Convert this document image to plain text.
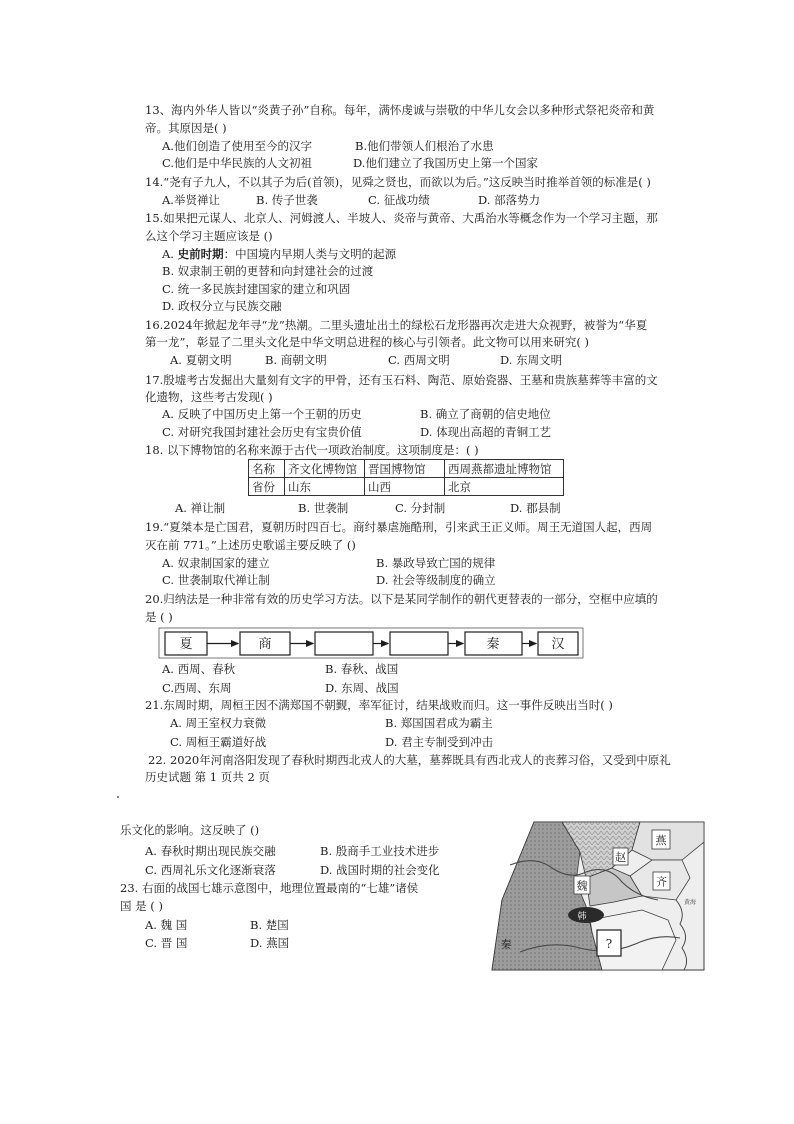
13、海内外华人皆以“炎黄子孙”自称。每年，满怀虔诚与崇敬的中华儿女会以多种形式祭祀炎帝和黄
帝。其原因是( )
A.他们创造了使用至今的汉字	B.他们带领人们根治了水患
C.他们是中华民族的人文初祖	D.他们建立了我国历史上第一个国家
14.“尧有子九人，不以其子为后(首领)，见舜之贤也，而欲以为后。”这反映当时推举首领的标准是( )
A.举贤禅让	B. 传子世袭	C. 征战功绩	D. 部落势力
15.如果把元谋人、北京人、河姆渡人、半坡人、炎帝与黄帝、大禹治水等概念作为一个学习主题，那
么这个学习主题应该是 ()
A. 史前时期：中国境内早期人类与文明的起源
B. 奴隶制王朝的更替和向封建社会的过渡
C. 统一多民族封建国家的建立和巩固
D. 政权分立与民族交融
16.2024年掀起龙年寻“龙”热潮。二里头遗址出土的绿松石龙形器再次走进大众视野，被誉为“华夏
第一龙”，彰显了二里头文化是中华文明总进程的核心与引领者。此文物可以用来研究( )
A. 夏朝文明	B. 商朝文明	C. 西周文明	D. 东周文明
17.殷墟考古发掘出大量刻有文字的甲骨，还有玉石料、陶范、原始瓷器、王墓和贵族墓葬等丰富的文
化遗物，这些考古发现( )
A. 反映了中国历史上第一个王朝的历史	B. 确立了商朝的信史地位
C. 对研究我国封建社会历史有宝贵价值	D. 体现出高超的青铜工艺
18. 以下博物馆的名称来源于古代一项政治制度。这项制度是：( )
名称	齐文化博物馆	晋国博物馆	西周燕都遗址博物馆
省份	山东	山西	北京
A. 禅让制	B. 世袭制	C. 分封制	D. 郡县制
19.“夏桀本是亡国君，夏朝历时四百七。商纣暴虐施酷刑，引来武王正义师。周王无道国人起，西周
灭在前 771。”上述历史歌谣主要反映了 ()
A. 奴隶制国家的建立	B. 暴政导致亡国的规律
C. 世袭制取代禅让制	D. 社会等级制度的确立
20.归纳法是一种非常有效的历史学习方法。以下是某同学制作的朝代更替表的一部分，空框中应填的
是 ( )
夏	商	秦	汉
A. 西周、春秋	B. 春秋、战国
C.西周、东周	D. 东周、战国
21.东周时期，周桓王因不满郑国不朝觐，率军征讨，结果战败而归。这一事件反映出当时( )
A. 周王室权力衰微	B. 郑国国君成为霸主
C. 周桓王霸道好战	D. 君主专制受到冲击
22. 2020年河南洛阳发现了春秋时期西北戎人的大墓，墓葬既具有西北戎人的丧葬习俗，又受到中原礼
历史试题 第 1 页共 2 页
乐文化的影响。这反映了 ()
A. 春秋时期出现民族交融	B. 殷商手工业技术进步
C. 西周礼乐文化逐渐衰落	D. 战国时期的社会变化
23. 右面的战国七雄示意图中，地理位置最南的“七雄”诸侯
国 是 ( )
A. 魏 国	B. 楚国
C. 晋 国	D. 燕国
赵
燕
齐
魏
韩
秦	?
黄海
